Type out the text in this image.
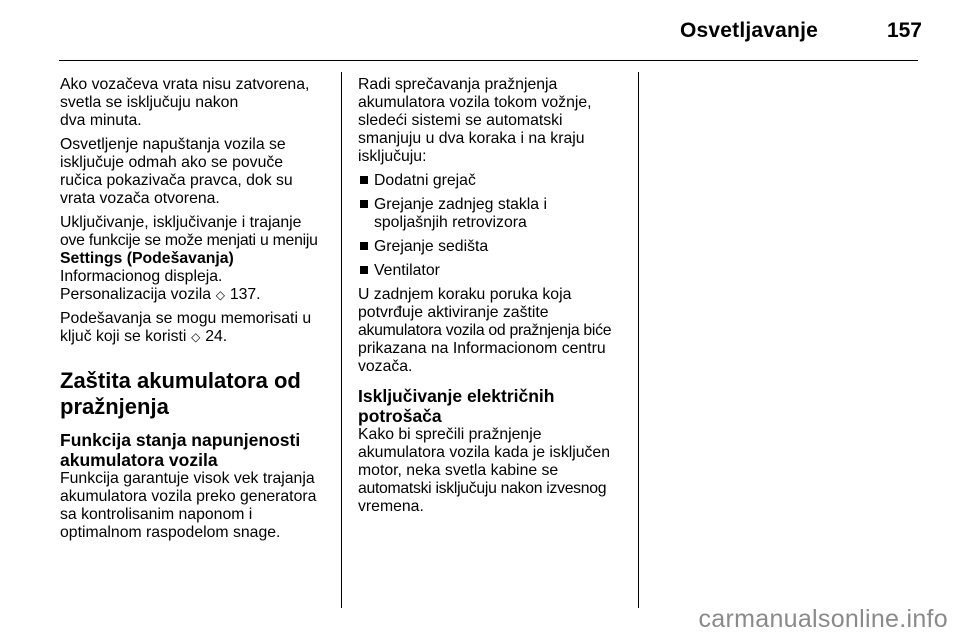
Osvetljavanje	157

Ako vozačeva vrata nisu zatvorena,
svetla se isključuju nakon
dva minuta.

Osvetljenje napuštanja vozila se
isključuje odmah ako se povuče
ručica pokazivača pravca, dok su
vrata vozača otvorena.

Uključivanje, isključivanje i trajanje
ove funkcije se može menjati u meniju
Settings (Podešavanja)
Informacionog displeja.
Personalizacija vozila ◇ 137.

Podešavanja se mogu memorisati u
ključ koji se koristi ◇ 24.

Zaštita akumulatora od
pražnjenja
Funkcija stanja napunjenosti
akumulatora vozila

Funkcija garantuje visok vek trajanja
akumulatora vozila preko generatora
sa kontrolisanim naponom i
optimalnom raspodelom snage.

Radi sprečavanja pražnjenja
akumulatora vozila tokom vožnje,
sledeći sistemi se automatski
smanjuju u dva koraka i na kraju
isključuju:

Dodatni grejač
Grejanje zadnjeg stakla i
spoljašnjih retrovizora
Grejanje sedišta
Ventilator

U zadnjem koraku poruka koja
potvrđuje aktiviranje zaštite
akumulatora vozila od pražnjenja biće
prikazana na Informacionom centru
vozača.

Isključivanje električnih
potrošača

Kako bi sprečili pražnjenje
akumulatora vozila kada je isključen
motor, neka svetla kabine se
automatski isključuju nakon izvesnog
vremena.

carmanualsonline.info
